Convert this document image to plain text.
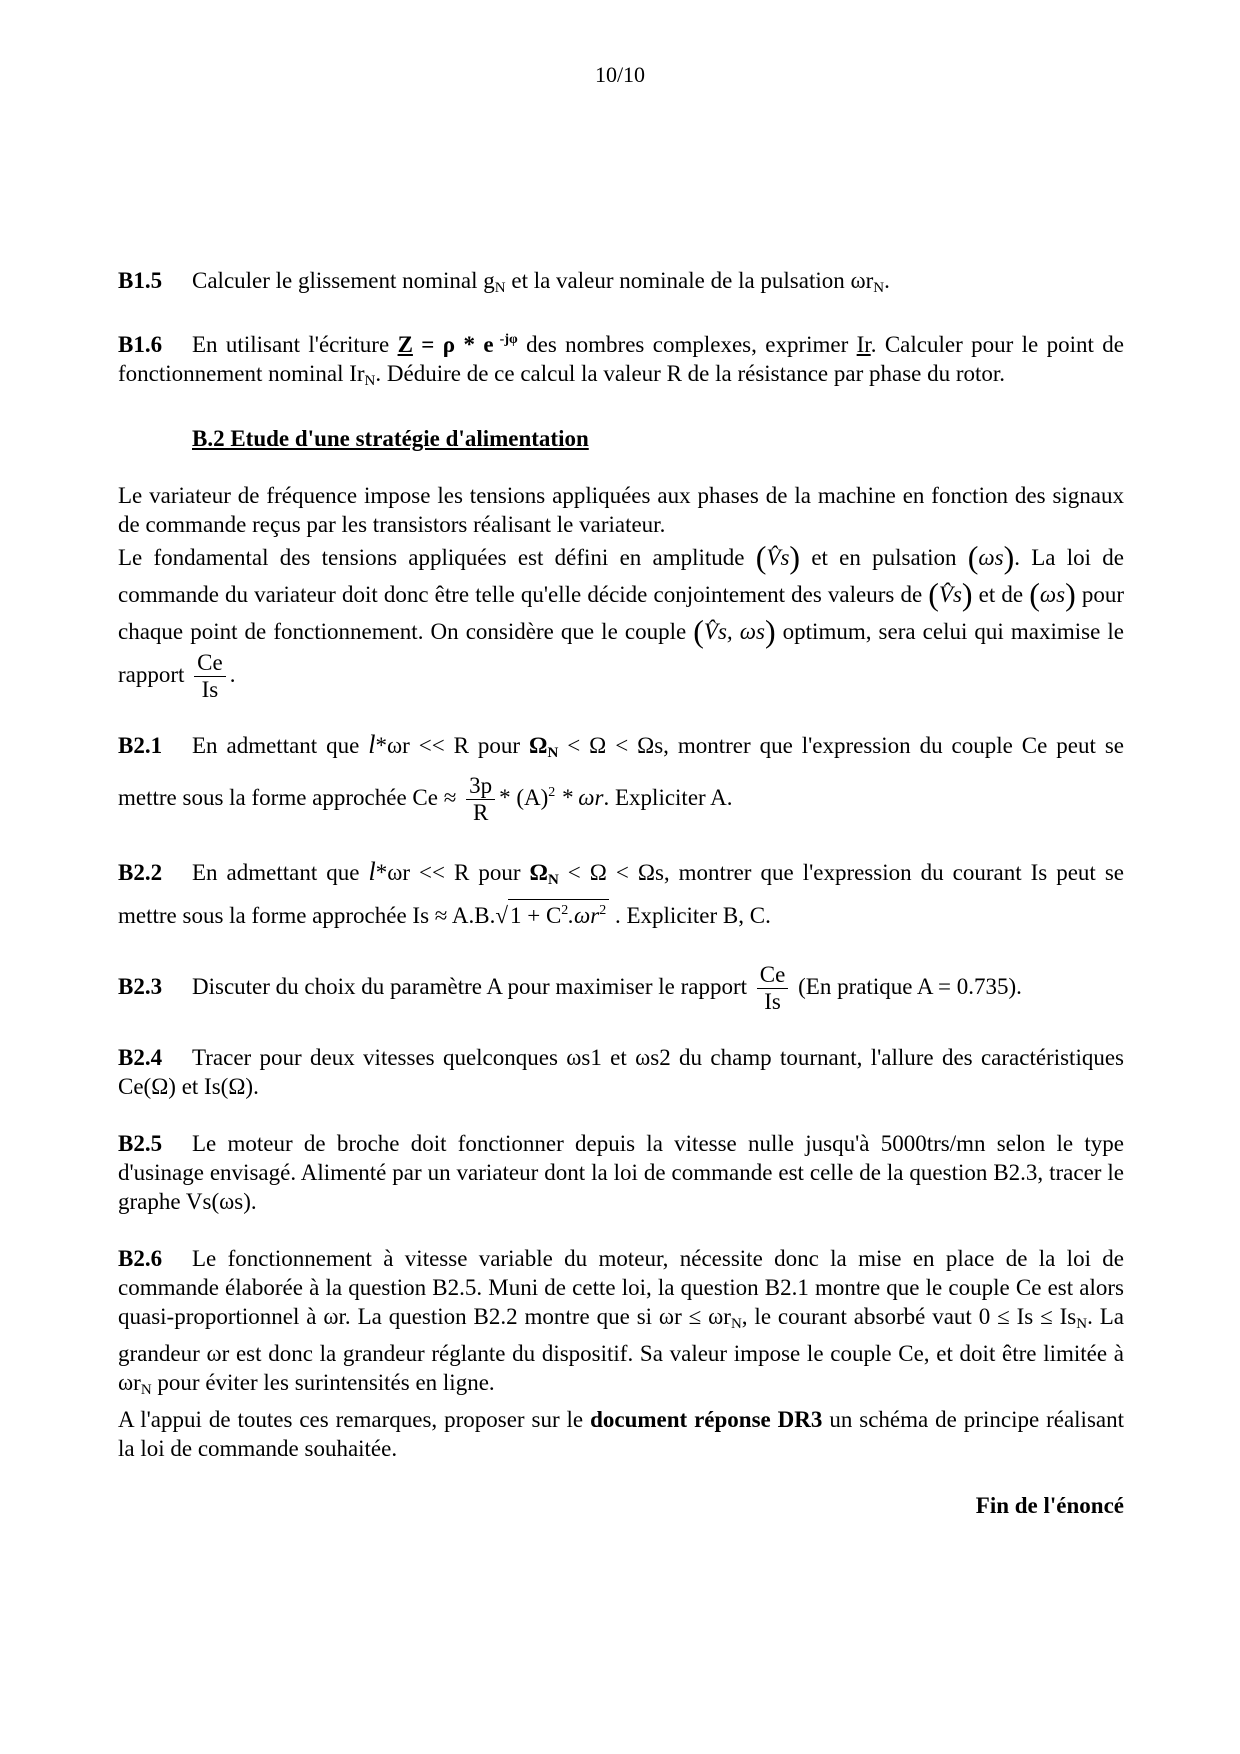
10/10

B1.5 Calculer le glissement nominal $g_N$ et la valeur nominale de la pulsation $\omega r_N$.

B1.6 En utilisant l'écriture Z = ρ * e $^{-j\varphi}$ des nombres complexes, exprimer Ir. Calculer pour le point de fonctionnement nominal $Ir_N$. Déduire de ce calcul la valeur R de la résistance par phase du rotor.

B.2 Etude d'une stratégie d'alimentation

Le variateur de fréquence impose les tensions appliquées aux phases de la machine en fonction des signaux de commande reçus par les transistors réalisant le variateur.

Le fondamental des tensions appliquées est défini en amplitude (V̂s) et en pulsation (ωs). La loi de commande du variateur doit donc être telle qu'elle décide conjointement des valeurs de (V̂s) et de (ωs) pour chaque point de fonctionnement. On considère que le couple (V̂s, ωs) optimum, sera celui qui maximise le rapport $\frac{Ce}{Is}$ .

B2.1 En admettant que l*ωr << R pour $\Omega_N < \Omega < \Omega s$, montrer que l'expression du couple Ce peut se mettre sous la forme approchée $Ce \approx \frac{3p}{R} * (A)^2 * \omega r$. Expliciter A.

B2.2 En admettant que l*ωr << R pour $\Omega_N < \Omega < \Omega s$, montrer que l'expression du courant Is peut se mettre sous la forme approchée $Is \approx A.B.√1 + C^2.\omega r^2$ . Expliciter B, C.

B2.3 Discuter du choix du paramètre A pour maximiser le rapport $\frac{Ce}{Is} (En$ pratique A = 0.735).

B2.4 Tracer pour deux vitesses quelconques ωs1 et ωs2 du champ tournant, l'allure des caractéristiques Ce(Ω) et Is(Ω).

B2.5 Le moteur de broche doit fonctionner depuis la vitesse nulle jusqu'à 5000trs/mn selon le type d'usinage envisagé. Alimenté par un variateur dont la loi de commande est celle de la question B2.3, tracer le graphe Vs(ωs).

B2.6 Le fonctionnement à vitesse variable du moteur, nécessite donc la mise en place de la loi de commande élaborée à la question B2.5. Muni de cette loi, la question B2.1 montre que le couple Ce est alors quasi-proportionnel à ωr. La question B2.2 montre que si $\omega r \le \omega r_N$, le courant absorbé vaut $0 \le Is \le Is_N$. La grandeur ωr est donc la grandeur réglante du dispositif. Sa valeur impose le couple Ce, et doit être limitée à $\omega r_N$ pour éviter les surintensités en ligne.

A l'appui de toutes ces remarques, proposer sur le document réponse DR3 un schéma de principe réalisant la loi de commande souhaitée.

Fin de l'énoncé
